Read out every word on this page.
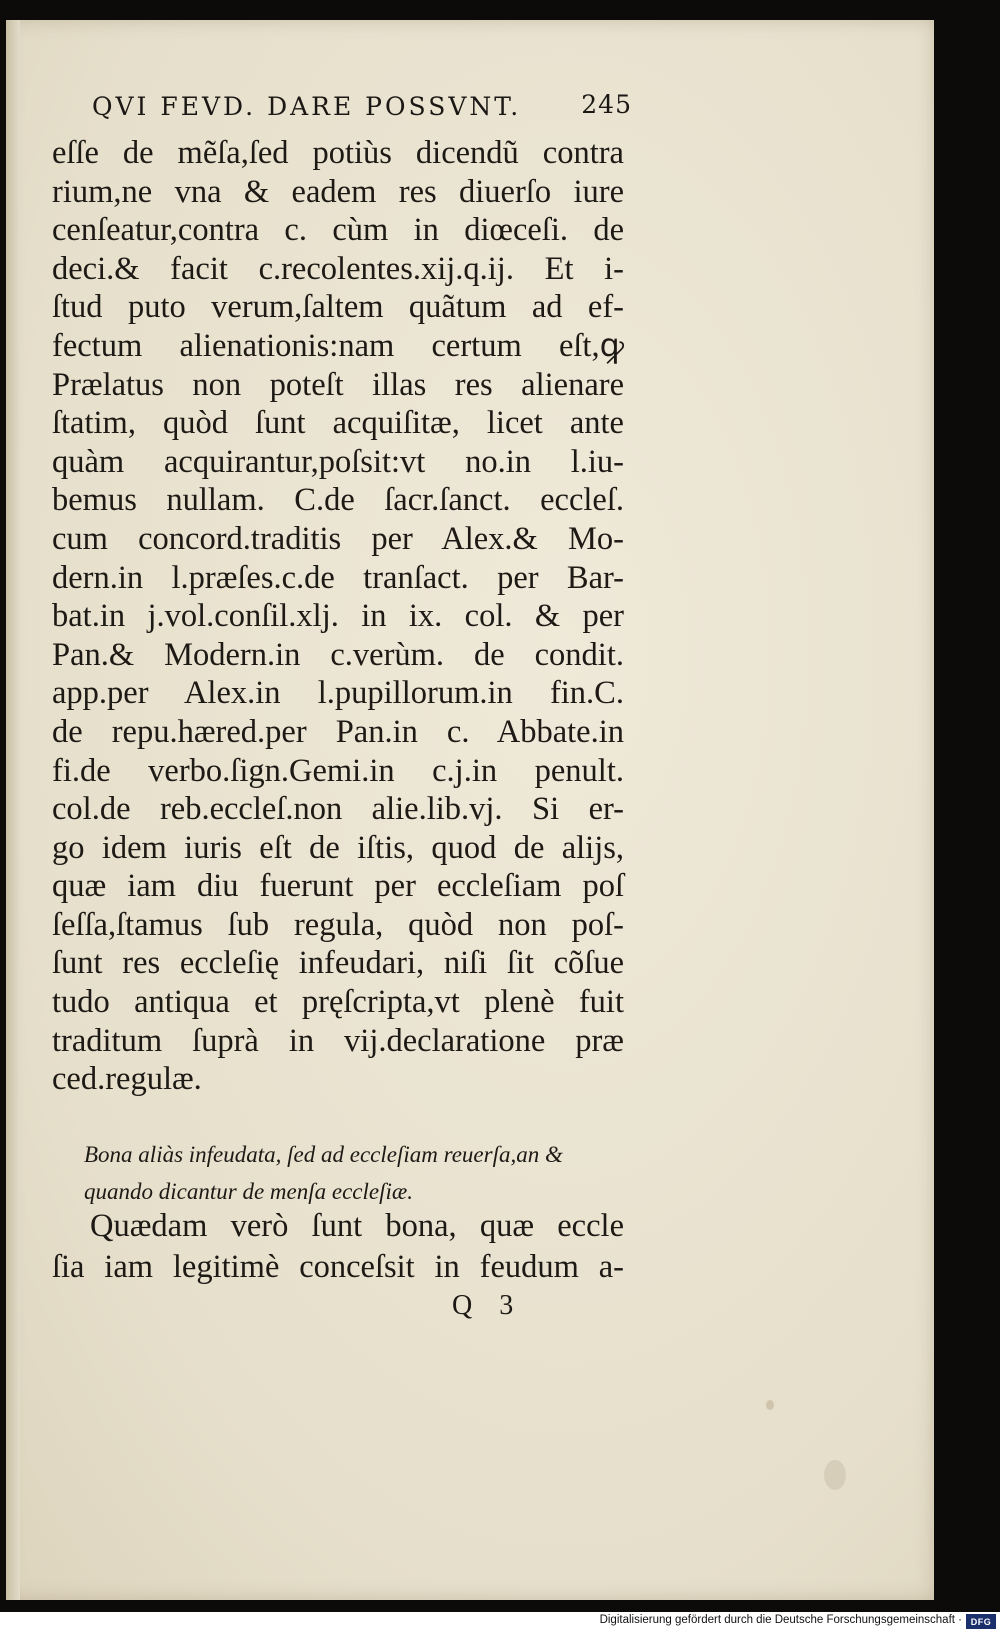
QVI FEVD. DARE POSSVNT. 245
eſſe de mẽſa,ſed potiùs dicendũ contra
rium,ne vna & eadem res diuerſo iure
cenſeatur,contra c. cùm in diœceſi. de
deci.& facit c.recolentes.xij.q.ij. Et i-
ſtud puto verum,ſaltem quãtum ad ef-
fectum alienationis:nam certum eſt,ꝙ
Prælatus non poteſt illas res alienare
ſtatim, quòd ſunt acquiſitæ, licet ante
quàm acquirantur,poſsit:vt no.in l.iu-
bemus nullam. C.de ſacr.ſanct. eccleſ.
cum concord.traditis per Alex.& Mo-
dern.in l.præſes.c.de tranſact. per Bar-
bat.in j.vol.conſil.xlj. in ix. col. & per
Pan.& Modern.in c.verùm. de condit.
app.per Alex.in l.pupillorum.in fin.C.
de repu.hæred.per Pan.in c. Abbate.in
fi.de verbo.ſign.Gemi.in c.j.in penult.
col.de reb.eccleſ.non alie.lib.vj. Si er-
go idem iuris eſt de iſtis, quod de alijs,
quæ iam diu fuerunt per eccleſiam poſ
ſeſſa,ſtamus ſub regula, quòd non poſ-
ſunt res eccleſię infeudari, niſi ſit cõſue
tudo antiqua et pręſcripta,vt plenè fuit
traditum ſuprà in vij.declaratione præ
ced.regulæ.
Bona aliàs infeudata, ſed ad eccleſiam reuerſa,an &
quando dicantur de menſa eccleſiæ.
Quædam verò ſunt bona, quæ eccle
ſia iam legitimè conceſsit in feudum a-
Q 3
Digitalisierung gefördert durch die Deutsche Forschungsgemeinschaft · DFG
